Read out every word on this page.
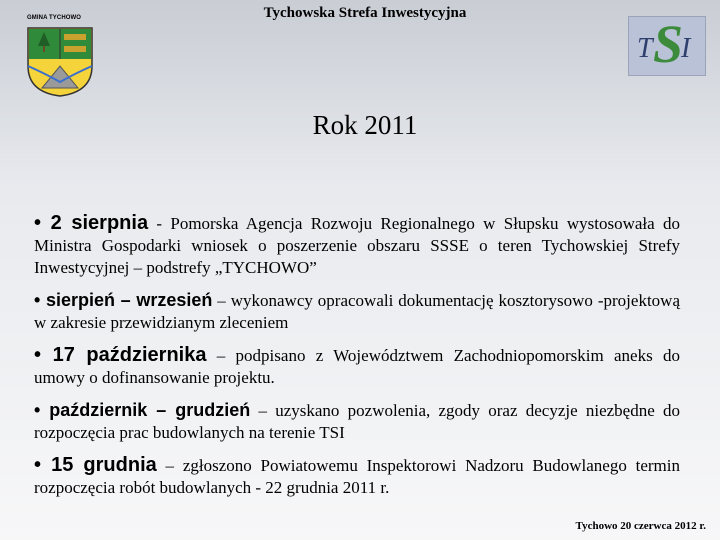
GMINA TYCHOWO	Tychowska Strefa Inwestycyjna
T S
I
Rok 2011
• 2 sierpnia - Pomorska Agencja Rozwoju Regionalnego w Słupsku wystosowała do Ministra Gospodarki wniosek o poszerzenie obszaru SSSE o teren Tychowskiej Strefy Inwestycyjnej – podstrefy „TYCHOWO”
• sierpień – wrzesień – wykonawcy opracowali dokumentację kosztorysowo -projektową w zakresie przewidzianym zleceniem
• 17 października – podpisano z Województwem Zachodniopomorskim aneks do umowy o dofinansowanie projektu.
• październik – grudzień – uzyskano pozwolenia, zgody oraz decyzje niezbędne do rozpoczęcia prac budowlanych na terenie TSI
• 15 grudnia – zgłoszono Powiatowemu Inspektorowi Nadzoru Budowlanego termin rozpoczęcia robót budowlanych - 22 grudnia 2011 r.
Tychowo 20 czerwca 2012 r.
